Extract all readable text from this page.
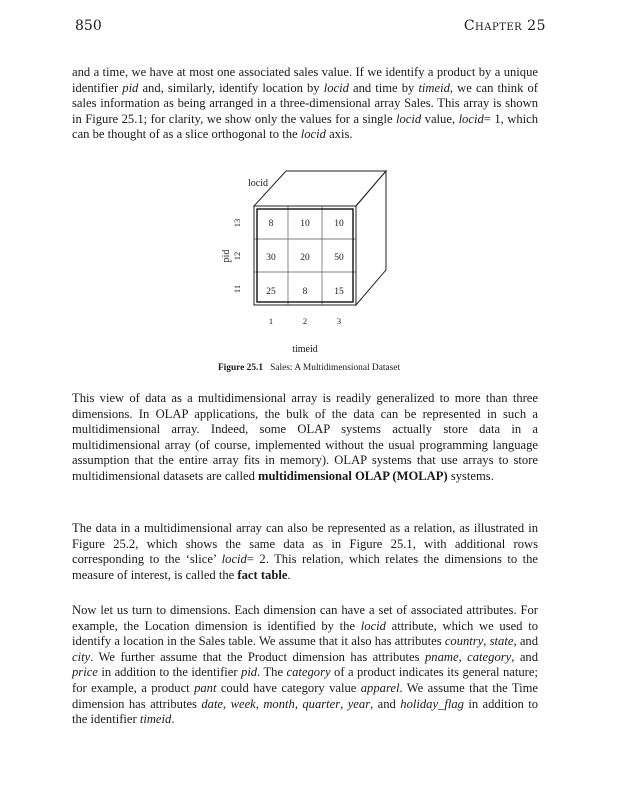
850	Chapter 25

and a time, we have at most one associated sales value. If we identify a product by a unique identifier pid and, similarly, identify location by locid and time by timeid, we can think of sales information as being arranged in a three-dimensional array Sales. This array is shown in Figure 25.1; for clarity, we show only the values for a single locid value, locid= 1, which can be thought of as a slice orthogonal to the locid axis.

8	10	10
30	20	50
25	8	15
locid
timeid
pid
13
12
11
1	2	3
Figure 25.1 Sales: A Multidimensional Dataset

This view of data as a multidimensional array is readily generalized to more than three dimensions. In OLAP applications, the bulk of the data can be represented in such a multidimensional array. Indeed, some OLAP systems actually store data in a multidimensional array (of course, implemented without the usual programming language assumption that the entire array fits in memory). OLAP systems that use arrays to store multidimensional datasets are called multidimensional OLAP (MOLAP) systems.

The data in a multidimensional array can also be represented as a relation, as illustrated in Figure 25.2, which shows the same data as in Figure 25.1, with additional rows corresponding to the ‘slice’ locid= 2. This relation, which relates the dimensions to the measure of interest, is called the fact table.

Now let us turn to dimensions. Each dimension can have a set of associated attributes. For example, the Location dimension is identified by the locid attribute, which we used to identify a location in the Sales table. We assume that it also has attributes country, state, and city. We further assume that the Product dimension has attributes pname, category, and price in addition to the identifier pid. The category of a product indicates its general nature; for example, a product pant could have category value apparel. We assume that the Time dimension has attributes date, week, month, quarter, year, and holiday_flag in addition to the identifier timeid.
